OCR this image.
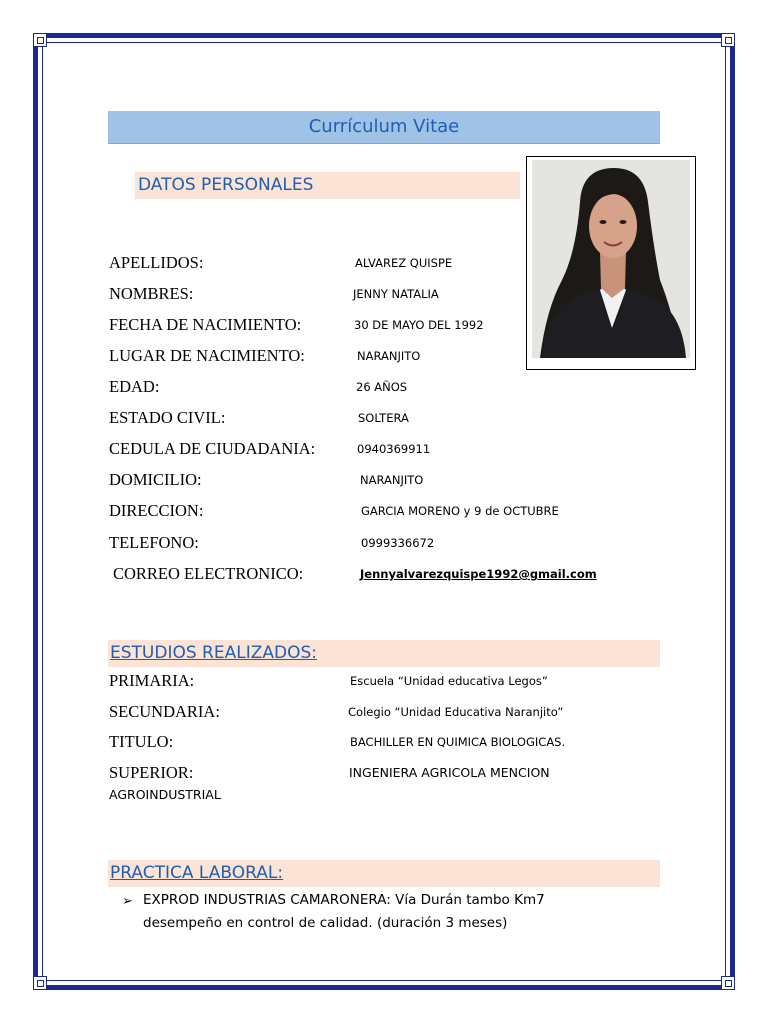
Currículum Vitae
DATOS PERSONALES
APELLIDOS:	ALVAREZ QUISPE
NOMBRES:	JENNY NATALIA
FECHA DE NACIMIENTO:	30 DE MAYO DEL 1992
LUGAR DE NACIMIENTO:	NARANJITO
EDAD:	26 AÑOS
ESTADO CIVIL:	SOLTERA
CEDULA DE CIUDADANIA:	0940369911
DOMICILIO:	NARANJITO
DIRECCION:	GARCIA MORENO y 9 de OCTUBRE
TELEFONO:	0999336672
CORREO ELECTRONICO:	Jennyalvarezquispe1992@gmail.com
ESTUDIOS REALIZADOS:
PRIMARIA:	Escuela “Unidad educativa Legos”
SECUNDARIA:	Colegio “Unidad Educativa Naranjito”
TITULO:	BACHILLER EN QUIMICA BIOLOGICAS.
SUPERIOR:	INGENIERA AGRICOLA MENCION
AGROINDUSTRIAL
PRACTICA LABORAL:
➢ EXPROD INDUSTRIAS CAMARONERA: Vía Durán tambo Km7
desempeño en control de calidad. (duración 3 meses)
